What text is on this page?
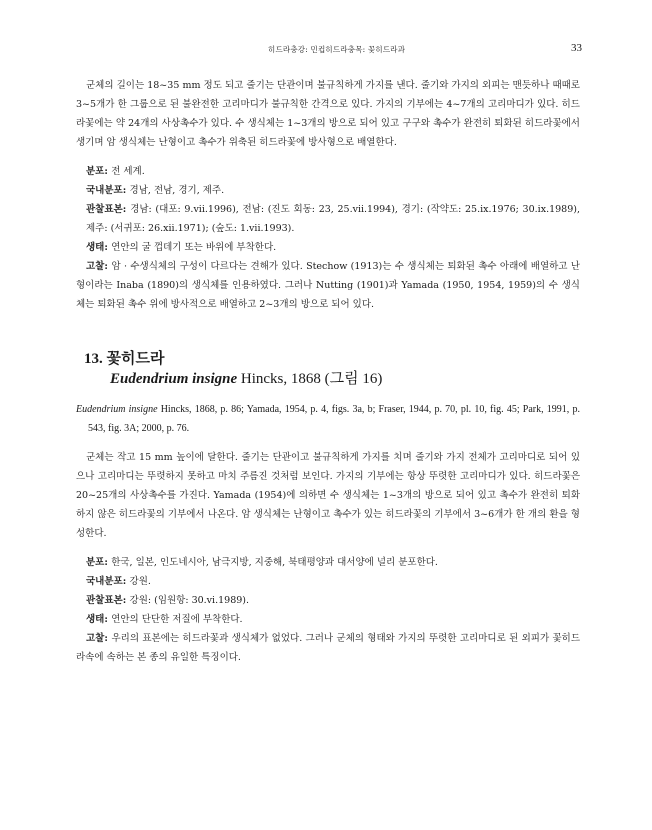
히드라충강: 민컵히드라충목: 꽃히드라과	33

군체의 길이는 18~35 mm 정도 되고 줄기는 단관이며 불규칙하게 가지를 낸다. 줄기와 가지의 외피는 맨듯하나 때때로 3~5개가 한 그룹으로 된 불완전한 고리마디가 불규칙한 간격으로 있다. 가지의 기부에는 4~7개의 고리마디가 있다. 히드라꽃에는 약 24개의 사상촉수가 있다. 수 생식체는 1~3개의 방으로 되어 있고 구구와 촉수가 완전히 퇴화된 히드라꽃에서 생기며 암 생식체는 난형이고 촉수가 위축된 히드라꽃에 방사형으로 배열한다.

분포: 전 세계.

국내분포: 경남, 전남, 경기, 제주.

관찰표본: 경남: (대포: 9.vii.1996), 전남: (진도 회동: 23, 25.vii.1994), 경기: (작약도: 25.ix.1976; 30.ix.1989), 제주: (서귀포: 26.xii.1971); (숲도: 1.vii.1993).

생태: 연안의 굴 껍데기 또는 바위에 부착한다.

고찰: 암 · 수생식체의 구성이 다르다는 견해가 있다. Stechow (1913)는 수 생식체는 퇴화된 촉수 아래에 배열하고 난형이라는 Inaba (1890)의 생식체를 인용하였다. 그러나 Nutting (1901)과 Yamada (1950, 1954, 1959)의 수 생식체는 퇴화된 촉수 위에 방사적으로 배열하고 2~3개의 방으로 되어 있다.

13. 꽃히드라
Eudendrium insigne Hincks, 1868 (그림 16)

Eudendrium insigne Hincks, 1868, p. 86; Yamada, 1954, p. 4, figs. 3a, b; Fraser, 1944, p. 70, pl. 10, fig. 45; Park, 1991, p. 543, fig. 3A; 2000, p. 76.

군체는 작고 15 mm 높이에 달한다. 줄기는 단관이고 불규칙하게 가지를 치며 줄기와 가지 전체가 고리마디로 되어 있으나 고리마디는 뚜렷하지 못하고 마치 주름진 것처럼 보인다. 가지의 기부에는 항상 뚜렷한 고리마디가 있다. 히드라꽃은 20~25개의 사상촉수를 가진다. Yamada (1954)에 의하면 수 생식체는 1~3개의 방으로 되어 있고 촉수가 완전히 퇴화하지 않은 히드라꽃의 기부에서 나온다. 암 생식체는 난형이고 촉수가 있는 히드라꽃의 기부에서 3~6개가 한 개의 환을 형성한다.

분포: 한국, 일본, 인도네시아, 남극지방, 지중해, 북태평양과 대서양에 널리 분포한다.

국내분포: 강원.

관찰표본: 강원: (임원항: 30.vi.1989).

생태: 연안의 단단한 저질에 부착한다.

고찰: 우리의 표본에는 히드라꽃과 생식체가 없었다. 그러나 군체의 형태와 가지의 뚜렷한 고리마디로 된 외피가 꽃히드라속에 속하는 본 종의 유일한 특징이다.
